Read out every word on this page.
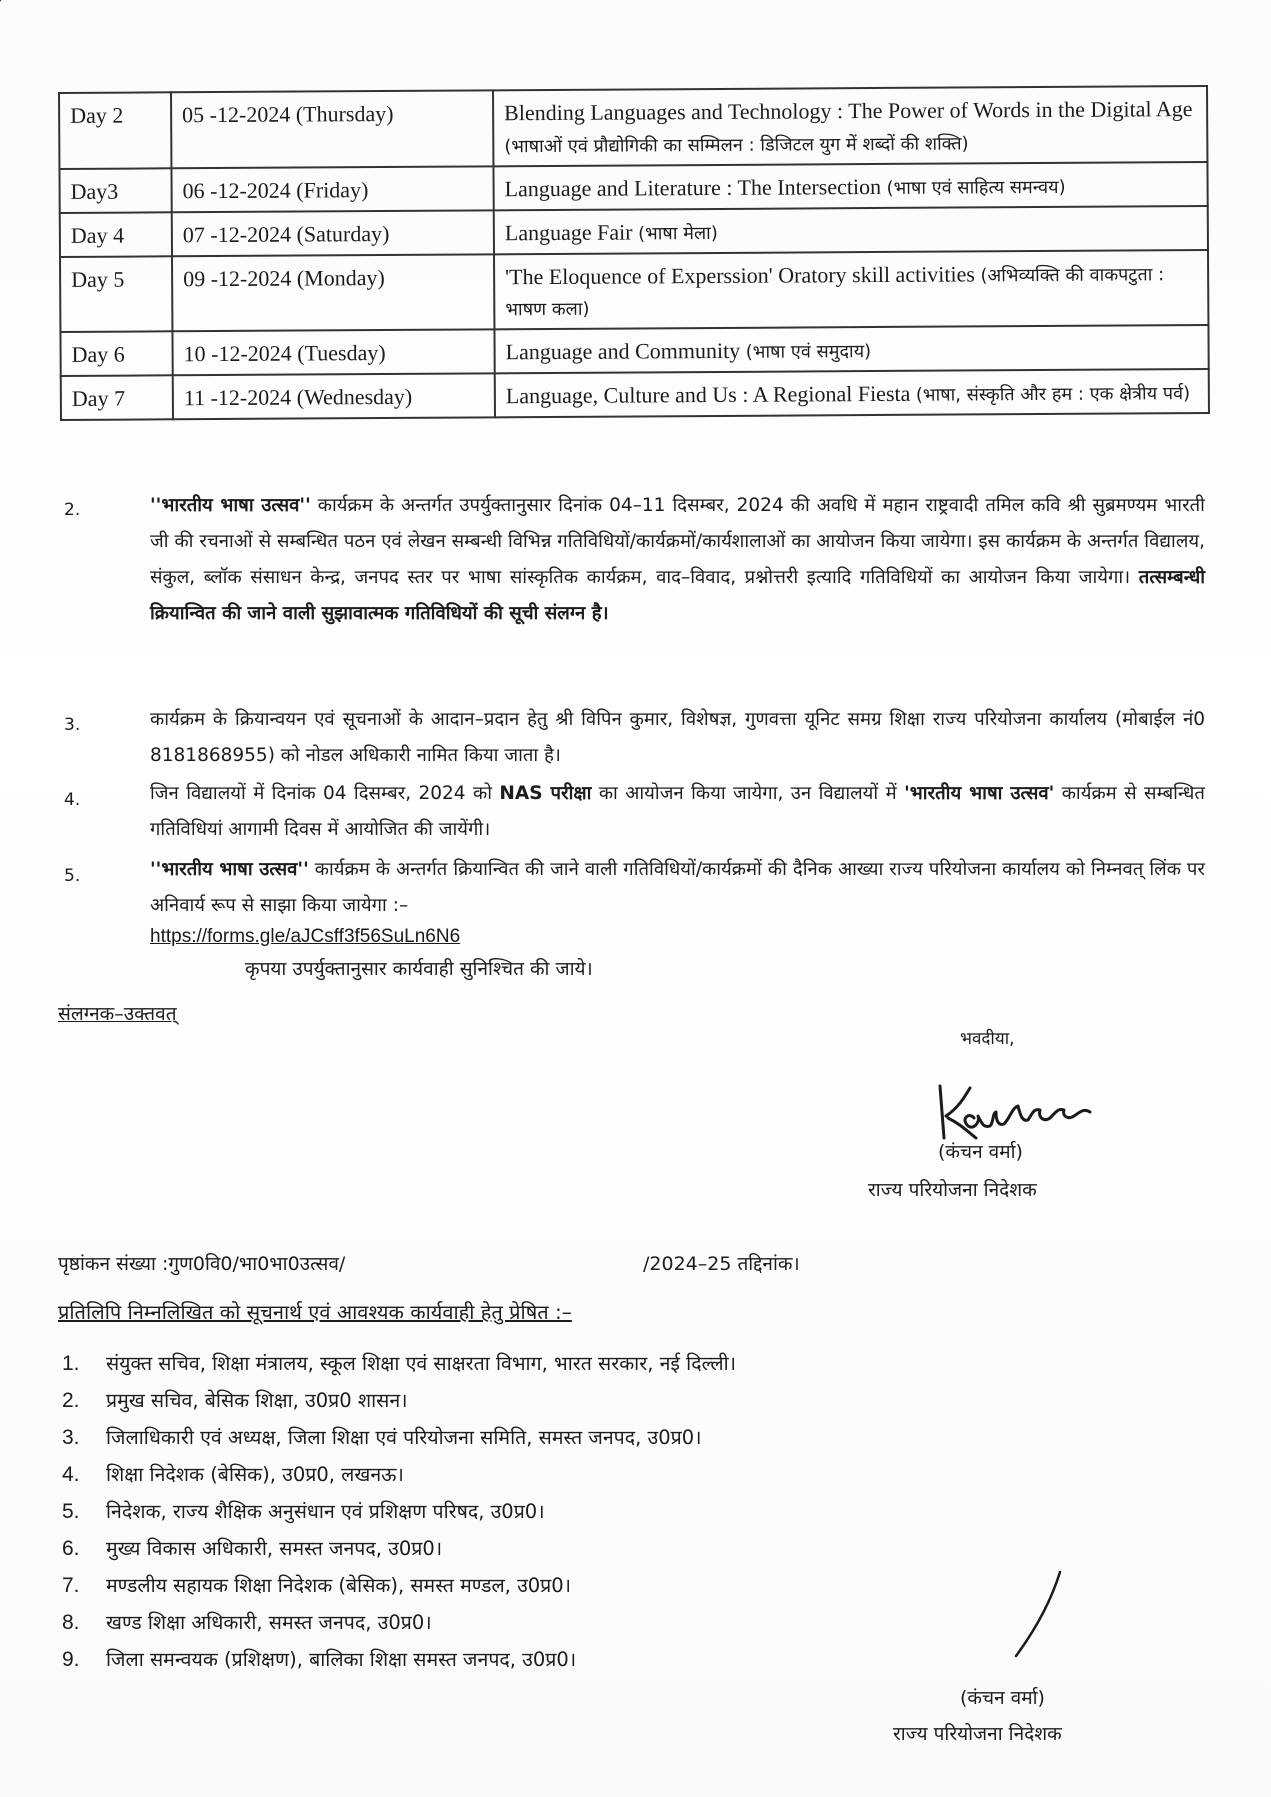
Day 2	05 -12-2024 (Thursday)	Blending Languages and Technology : The Power of Words in the Digital Age (भाषाओं एवं प्रौद्योगिकी का सम्मिलन : डिजिटल युग में शब्दों की शक्ति)
Day3	06 -12-2024 (Friday)	Language and Literature : The Intersection (भाषा एवं साहित्य समन्वय)
Day 4	07 -12-2024 (Saturday)	Language Fair (भाषा मेला)
Day 5	09 -12-2024 (Monday)	'The Eloquence of Experssion' Oratory skill activities (अभिव्यक्ति की वाकपटुता : भाषण कला)
Day 6	10 -12-2024 (Tuesday)	Language and Community (भाषा एवं समुदाय)
Day 7	11 -12-2024 (Wednesday)	Language, Culture and Us : A Regional Fiesta (भाषा, संस्कृति और हम : एक क्षेत्रीय पर्व)
2.	''भारतीय भाषा उत्सव'' कार्यक्रम के अन्तर्गत उपर्युक्तानुसार दिनांक 04–11 दिसम्बर, 2024 की अवधि में महान राष्ट्रवादी तमिल कवि श्री सुब्रमण्यम भारती जी की रचनाओं से सम्बन्धित पठन एवं लेखन सम्बन्धी विभिन्न गतिविधियों/कार्यक्रमों/कार्यशालाओं का आयोजन किया जायेगा। इस कार्यक्रम के अन्तर्गत विद्यालय, संकुल, ब्लॉक संसाधन केन्द्र, जनपद स्तर पर भाषा सांस्कृतिक कार्यक्रम, वाद–विवाद, प्रश्नोत्तरी इत्यादि गतिविधियों का आयोजन किया जायेगा। तत्सम्बन्धी क्रियान्वित की जाने वाली सुझावात्मक गतिविधियों की सूची संलग्न है।
3.	कार्यक्रम के क्रियान्वयन एवं सूचनाओं के आदान–प्रदान हेतु श्री विपिन कुमार, विशेषज्ञ, गुणवत्ता यूनिट समग्र शिक्षा राज्य परियोजना कार्यालय (मोबाईल नं0 8181868955) को नोडल अधिकारी नामित किया जाता है।
4.	जिन विद्यालयों में दिनांक 04 दिसम्बर, 2024 को NAS परीक्षा का आयोजन किया जायेगा, उन विद्यालयों में 'भारतीय भाषा उत्सव' कार्यक्रम से सम्बन्धित गतिविधियां आगामी दिवस में आयोजित की जायेंगी।
5.	''भारतीय भाषा उत्सव'' कार्यक्रम के अन्तर्गत क्रियान्वित की जाने वाली गतिविधियों/कार्यक्रमों की दैनिक आख्या राज्य परियोजना कार्यालय को निम्नवत् लिंक पर अनिवार्य रूप से साझा किया जायेगा :–
https://forms.gle/aJCsff3f56SuLn6N6
कृपया उपर्युक्तानुसार कार्यवाही सुनिश्चित की जाये।
संलग्नक–उक्तवत्
भवदीया,
(कंचन वर्मा)
राज्य परियोजना निदेशक
पृष्ठांकन संख्या :गुण0वि0/भा0भा0उत्सव/	/2024–25 तद्दिनांक।
प्रतिलिपि निम्नलिखित को सूचनार्थ एवं आवश्यक कार्यवाही हेतु प्रेषित :–
1. संयुक्त सचिव, शिक्षा मंत्रालय, स्कूल शिक्षा एवं साक्षरता विभाग, भारत सरकार, नई दिल्ली।
2. प्रमुख सचिव, बेसिक शिक्षा, उ0प्र0 शासन।
3. जिलाधिकारी एवं अध्यक्ष, जिला शिक्षा एवं परियोजना समिति, समस्त जनपद, उ0प्र0।
4. शिक्षा निदेशक (बेसिक), उ0प्र0, लखनऊ।
5. निदेशक, राज्य शैक्षिक अनुसंधान एवं प्रशिक्षण परिषद, उ0प्र0।
6. मुख्य विकास अधिकारी, समस्त जनपद, उ0प्र0।
7. मण्डलीय सहायक शिक्षा निदेशक (बेसिक), समस्त मण्डल, उ0प्र0।
8. खण्ड शिक्षा अधिकारी, समस्त जनपद, उ0प्र0।
9. जिला समन्वयक (प्रशिक्षण), बालिका शिक्षा समस्त जनपद, उ0प्र0।
(कंचन वर्मा)
राज्य परियोजना निदेशक
